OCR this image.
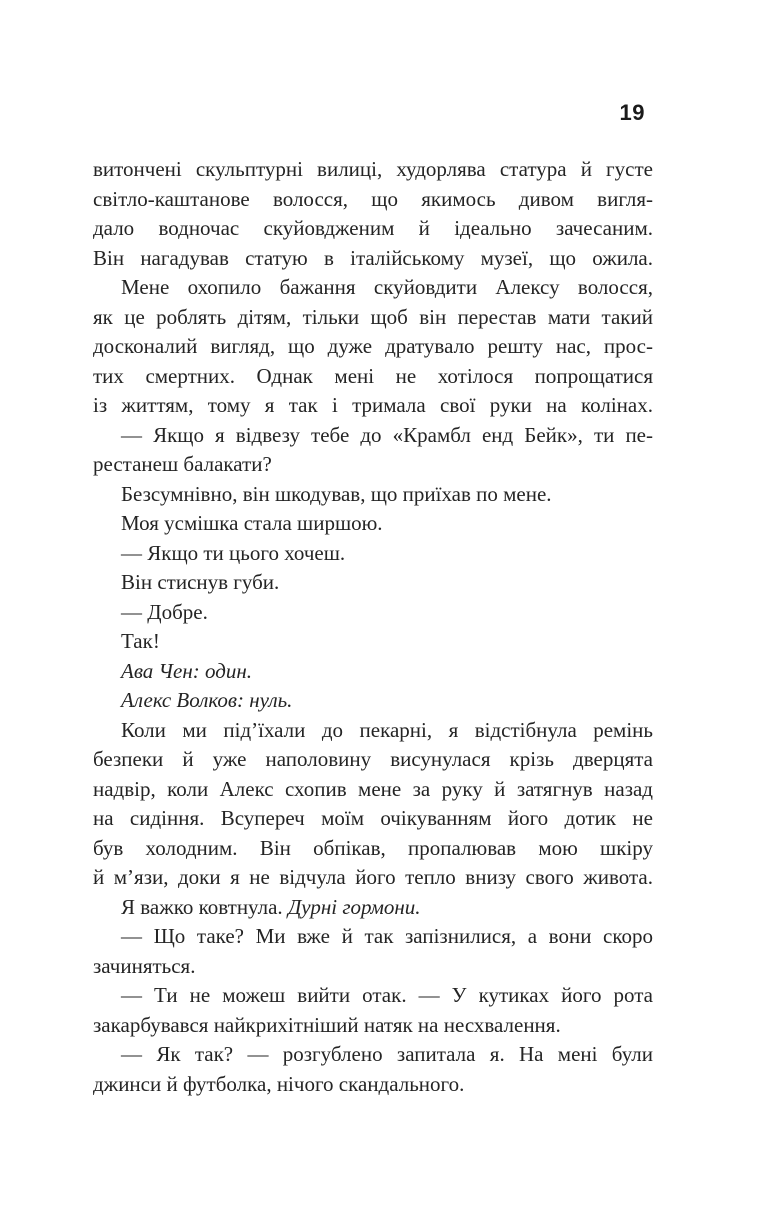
19
витончені скульптурні вилиці, худорлява статура й густе
світло-каштанове волосся, що якимось дивом вигля-
дало водночас скуйовдженим й ідеально зачесаним.
Він нагадував статую в італійському музеї, що ожила.
Мене охопило бажання скуйовдити Алексу волосся,
як це роблять дітям, тільки щоб він перестав мати такий
досконалий вигляд, що дуже дратувало решту нас, прос-
тих смертних. Однак мені не хотілося попрощатися
із життям, тому я так і тримала свої руки на колінах.
— Якщо я відвезу тебе до «Крамбл енд Бейк», ти пе-
рестанеш балакати?
Безсумнівно, він шкодував, що приїхав по мене.
Моя усмішка стала ширшою.
— Якщо ти цього хочеш.
Він стиснув губи.
— Добре.
Так!
Ава Чен: один.
Алекс Волков: нуль.
Коли ми під’їхали до пекарні, я відстібнула ремінь
безпеки й уже наполовину висунулася крізь дверцята
надвір, коли Алекс схопив мене за руку й затягнув назад
на сидіння. Всупереч моїм очікуванням його дотик не
був холодним. Він обпікав, пропалював мою шкіру
й м’язи, доки я не відчула його тепло внизу свого живота.
Я важко ковтнула. Дурні гормони.
— Що таке? Ми вже й так запізнилися, а вони скоро
зачиняться.
— Ти не можеш вийти отак. — У кутиках його рота
закарбувався найкрихітніший натяк на несхвалення.
— Як так? — розгублено запитала я. На мені були
джинси й футболка, нічого скандального.
